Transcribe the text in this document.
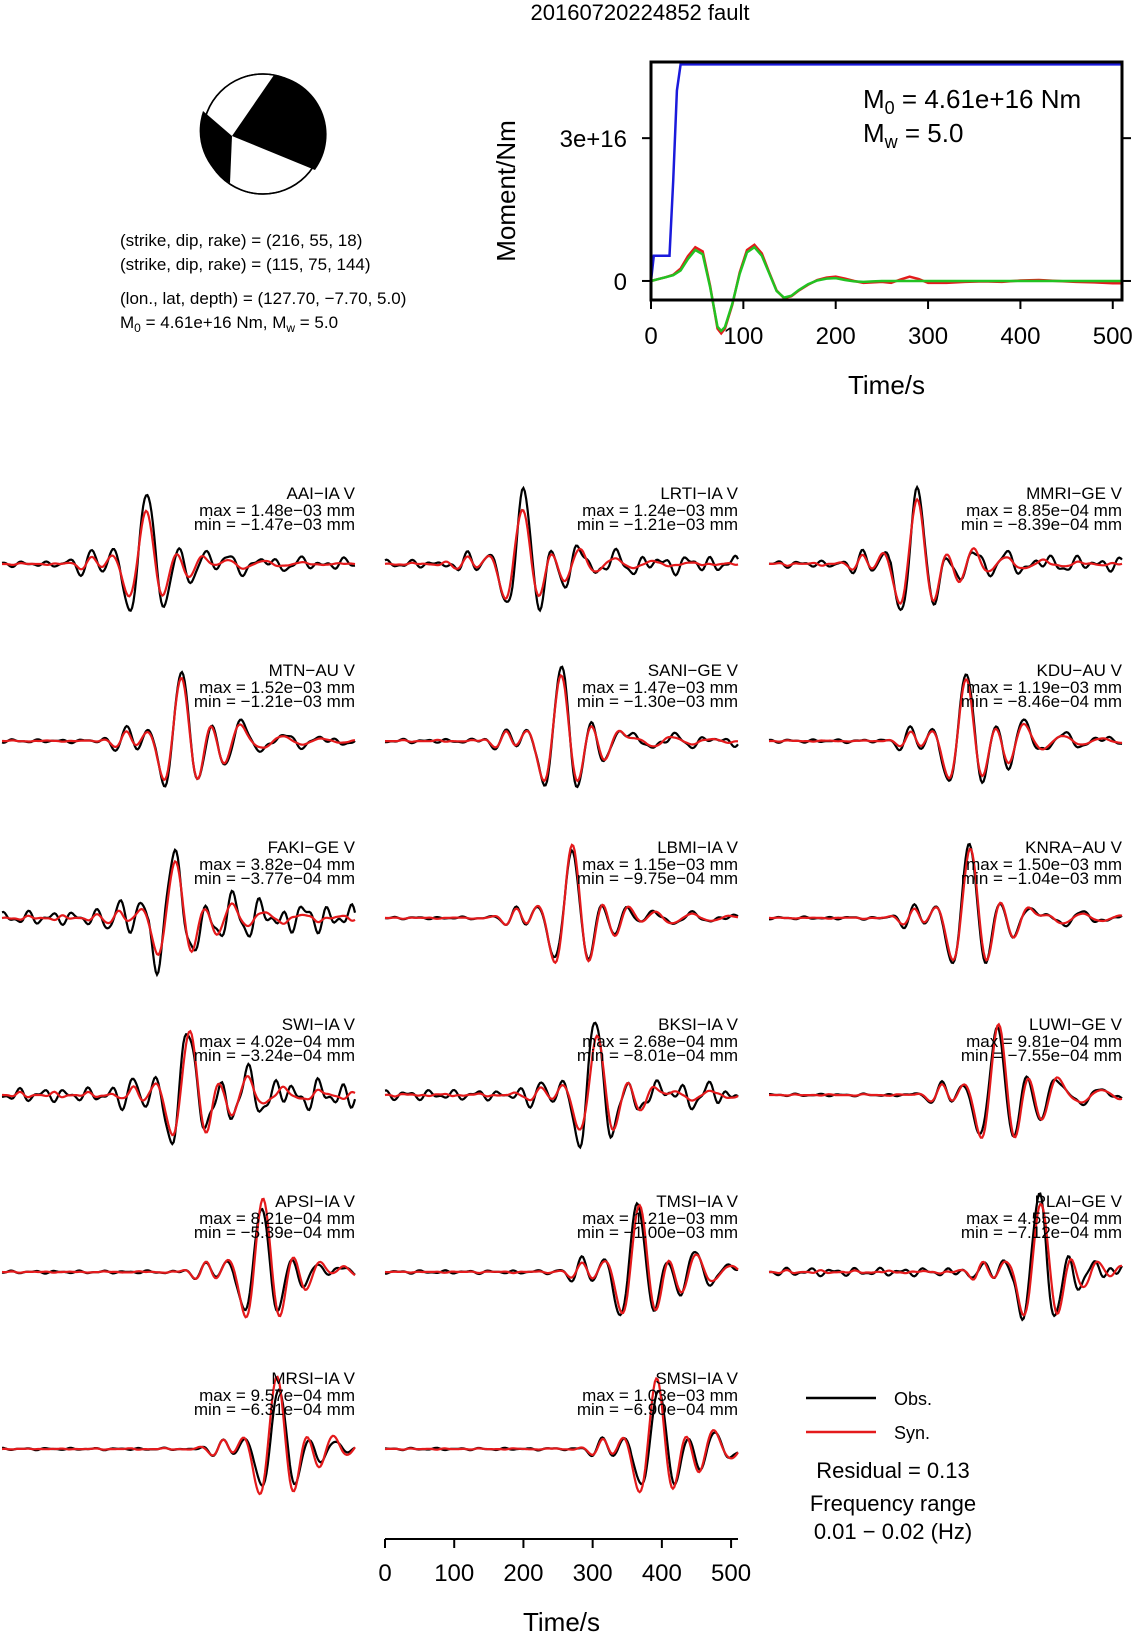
20160720224852 fault
(strike, dip, rake) = (216, 55, 18)
(strike, dip, rake) = (115, 75, 144)
(lon., lat, depth) = (127.70, −7.70, 5.0)
$M_0 = 4.61e+16$ Nm, $M_w = 5.0$
0	100 200 300 400 500
0
3e+16
Time/s
Moment/Nm
$M_0 = 4.61e+16$ Nm
$M_w = 5.0$
AAI−IA V
max = 1.48e−03 mm
min = −1.47e−03 mm
LRTI−IA V
max = 1.24e−03 mm
min = −1.21e−03 mm
MMRI−GE V
max = 8.85e−04 mm
min = −8.39e−04 mm
MTN−AU V
max = 1.52e−03 mm
min = −1.21e−03 mm
SANI−GE V
max = 1.47e−03 mm
min = −1.30e−03 mm
KDU−AU V
max = 1.19e−03 mm
min = −8.46e−04 mm
FAKI−GE V
max = 3.82e−04 mm
min = −3.77e−04 mm
LBMI−IA V
max = 1.15e−03 mm
min = −9.75e−04 mm
KNRA−AU V
max = 1.50e−03 mm
min = −1.04e−03 mm
SWI−IA V
max = 4.02e−04 mm
min = −3.24e−04 mm
BKSI−IA V
max = 2.68e−04 mm
min = −8.01e−04 mm
LUWI−GE V
max = 9.81e−04 mm
min = −7.55e−04 mm
APSI−IA V
max = 8.21e−04 mm
min = −5.39e−04 mm
TMSI−IA V
max = 1.21e−03 mm
min = −1.00e−03 mm
PLAI−GE V
max = 4.55e−04 mm
min = −7.12e−04 mm
MRSI−IA V
max = 9.57e−04 mm
min = −6.31e−04 mm
SMSI−IA V
max = 1.03e−03 mm
min = −6.90e−04 mm
0 100 200 300 400 500
Time/s
Obs.
Syn.
Residual = 0.13
Frequency range
0.01 − 0.02 (Hz)
